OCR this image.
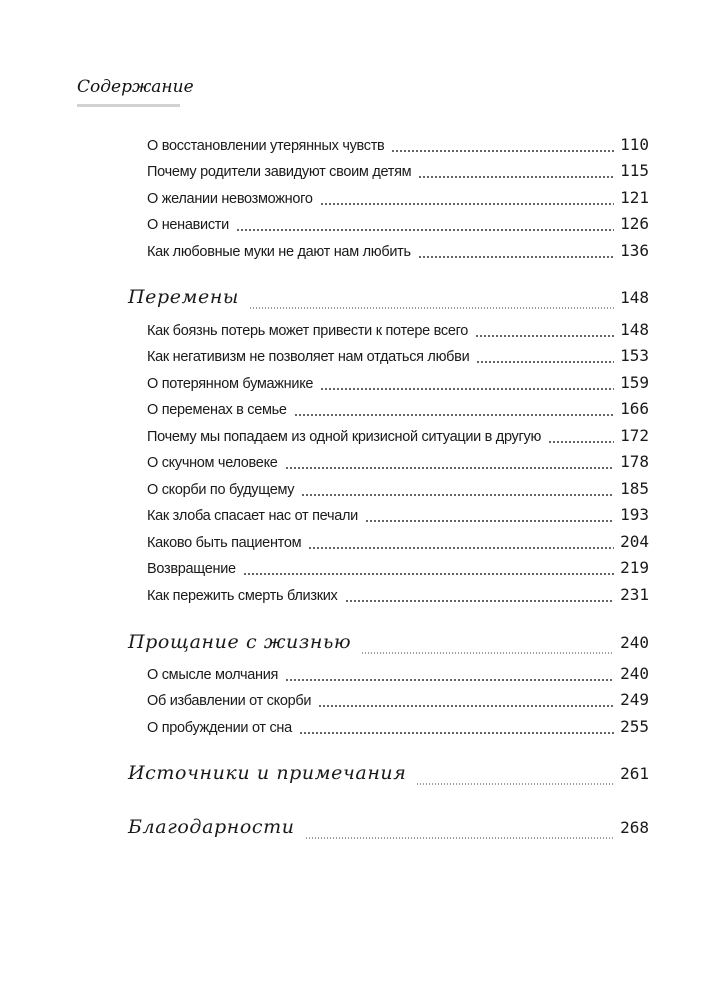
Содержание
О восстановлении утерянных чувств	110
Почему родители завидуют своим детям	115
О желании невозможного	121
О ненависти	126
Как любовные муки не дают нам любить	136
Перемены	148
Как боязнь потерь может привести к потере всего	148
Как негативизм не позволяет нам отдаться любви	153
О потерянном бумажнике	159
О переменах в семье	166
Почему мы попадаем из одной кризисной ситуации в другую	172
О скучном человеке	178
О скорби по будущему	185
Как злоба спасает нас от печали	193
Каково быть пациентом	204
Возвращение	219
Как пережить смерть близких	231
Прощание с жизнью	240
О смысле молчания	240
Об избавлении от скорби	249
О пробуждении от сна	255
Источники и примечания	261
Благодарности	268
